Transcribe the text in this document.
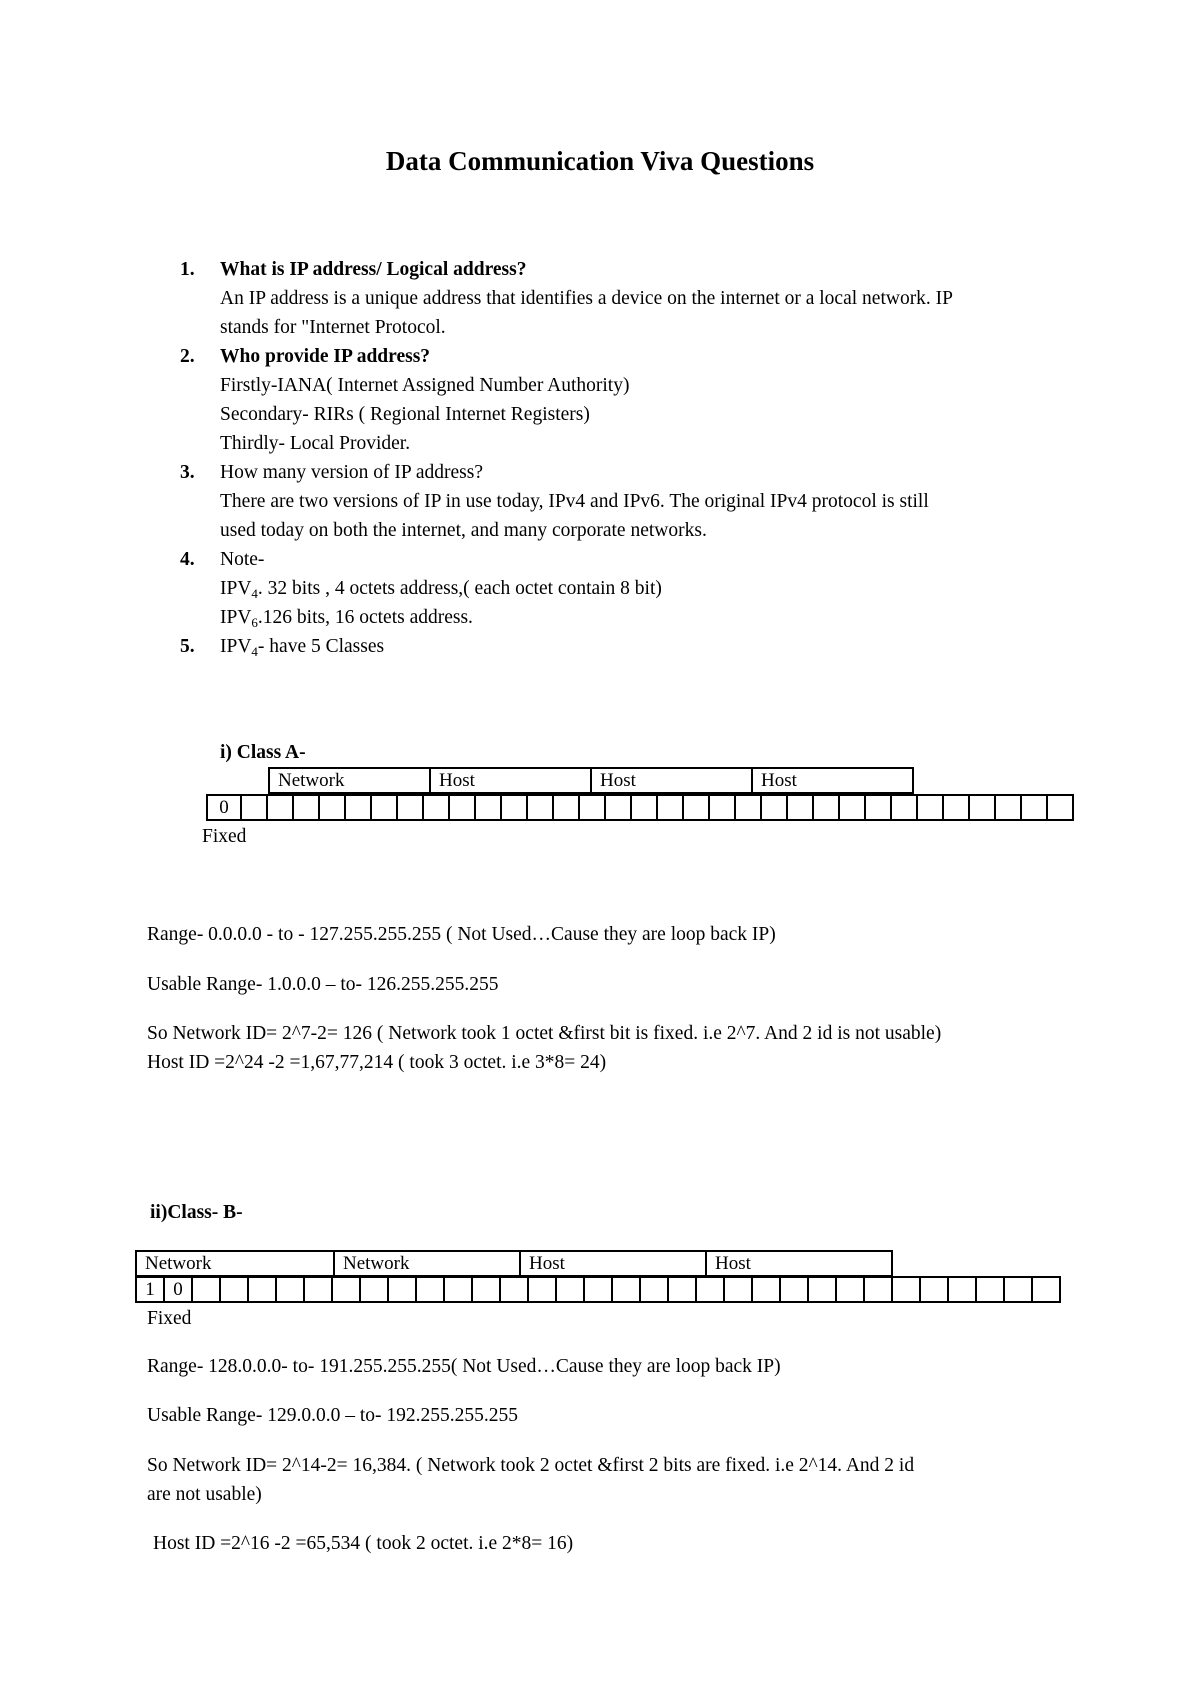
Data Communication Viva Questions
1. What is IP address/ Logical address?
An IP address is a unique address that identifies a device on the internet or a local network. IP
stands for "Internet Protocol.
2. Who provide IP address?
Firstly-IANA( Internet Assigned Number Authority)
Secondary- RIRs ( Regional Internet Registers)
Thirdly- Local Provider.
3. How many version of IP address?
There are two versions of IP in use today, IPv4 and IPv6. The original IPv4 protocol is still
used today on both the internet, and many corporate networks.
4. Note-
$IPV_4$. 32 bits , 4 octets address,( each octet contain 8 bit)
$IPV_6.126$ bits, 16 octets address.
5. $IPV_4-$ have 5 Classes
i) Class A-
Network	Host	Host	Host
0
Fixed
Range- 0.0.0.0 - to - 127.255.255.255 ( Not Used…Cause they are loop back IP)
Usable Range- 1.0.0.0 – to- 126.255.255.255
So Network ID= 2^7-2= 126 ( Network took 1 octet &first bit is fixed. i.e 2^7. And 2 id is not usable)
Host ID =2^24 -2 =1,67,77,214 ( took 3 octet. i.e 3*8= 24)
ii)Class- B-
Network	Network	Host	Host
1 0
Fixed
Range- 128.0.0.0- to- 191.255.255.255( Not Used…Cause they are loop back IP)
Usable Range- 129.0.0.0 – to- 192.255.255.255
So Network ID= 2^14-2= 16,384. ( Network took 2 octet &first 2 bits are fixed. i.e 2^14. And 2 id
are not usable)
Host ID =2^16 -2 =65,534 ( took 2 octet. i.e 2*8= 16)
